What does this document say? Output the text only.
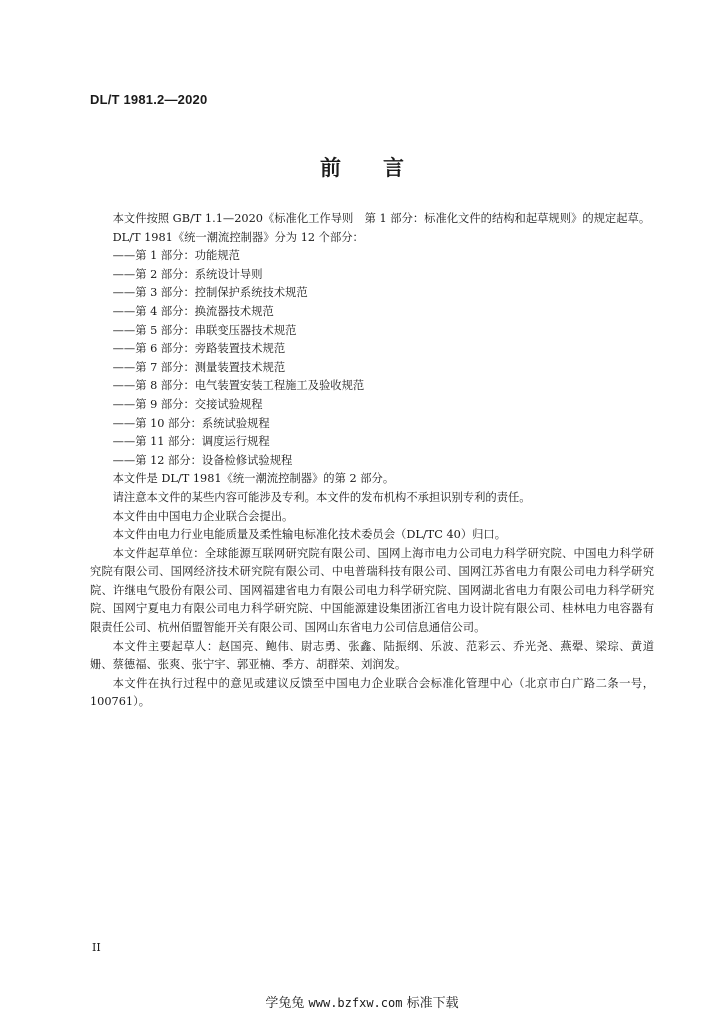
DL/T 1981.2—2020
前言

本文件按照 GB/T 1.1—2020《标准化工作导则　第 1 部分：标准化文件的结构和起草规则》的规定起草。

DL/T 1981《统一潮流控制器》分为 12 个部分：

——第 1 部分：功能规范
——第 2 部分：系统设计导则
——第 3 部分：控制保护系统技术规范
——第 4 部分：换流器技术规范
——第 5 部分：串联变压器技术规范
——第 6 部分：旁路装置技术规范
——第 7 部分：测量装置技术规范
——第 8 部分：电气装置安装工程施工及验收规范
——第 9 部分：交接试验规程
——第 10 部分：系统试验规程
——第 11 部分：调度运行规程
——第 12 部分：设备检修试验规程

本文件是 DL/T 1981《统一潮流控制器》的第 2 部分。

请注意本文件的某些内容可能涉及专利。本文件的发布机构不承担识别专利的责任。

本文件由中国电力企业联合会提出。

本文件由电力行业电能质量及柔性输电标准化技术委员会（DL/TC 40）归口。

本文件起草单位：全球能源互联网研究院有限公司、国网上海市电力公司电力科学研究院、中国电力科学研究院有限公司、国网经济技术研究院有限公司、中电普瑞科技有限公司、国网江苏省电力有限公司电力科学研究院、许继电气股份有限公司、国网福建省电力有限公司电力科学研究院、国网湖北省电力有限公司电力科学研究院、国网宁夏电力有限公司电力科学研究院、中国能源建设集团浙江省电力设计院有限公司、桂林电力电容器有限责任公司、杭州佰盟智能开关有限公司、国网山东省电力公司信息通信公司。

本文件主要起草人：赵国亮、鲍伟、尉志勇、张鑫、陆振纲、乐波、范彩云、乔光尧、燕翚、梁琮、黄道姗、蔡德福、张爽、张宁宇、郭亚楠、季方、胡群荣、刘润发。

本文件在执行过程中的意见或建议反馈至中国电力企业联合会标准化管理中心（北京市白广路二条一号，100761）。

II
学兔兔 www.bzfxw.com 标准下载
